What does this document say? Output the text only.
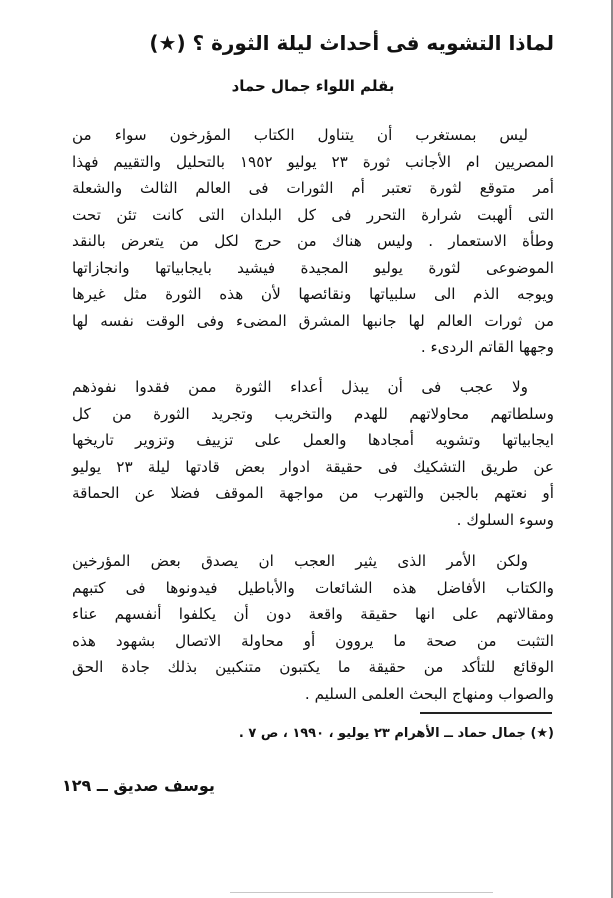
لماذا التشويه فى أحداث ليلة الثورة ؟ (★)
بقلم اللواء جمال حماد
ليس بمستغرب أن يتناول الكتاب المؤرخون سواء من
المصريين ام الأجانب ثورة ٢٣ يوليو ١٩٥٢ بالتحليل والتقييم فهذا
أمر متوقع لثورة تعتبر أم الثورات فى العالم الثالث والشعلة
التى ألهبت شرارة التحرر فى كل البلدان التى كانت تئن تحت
وطأة الاستعمار . وليس هناك من حرج لكل من يتعرض بالنقد
الموضوعى لثورة يوليو المجيدة فيشيد بايجابياتها وانجازاتها
ويوجه الذم الى سلبياتها ونقائصها لأن هذه الثورة مثل غيرها
من ثورات العالم لها جانبها المشرق المضىء وفى الوقت نفسه لها
وجهها القاتم الردىء .
ولا عجب فى أن يبذل أعداء الثورة ممن فقدوا نفوذهم
وسلطاتهم محاولاتهم للهدم والتخريب وتجريد الثورة من كل
ايجابياتها وتشويه أمجادها والعمل على تزييف وتزوير تاريخها
عن طريق التشكيك فى حقيقة ادوار بعض قادتها ليلة ٢٣ يوليو
أو نعتهم بالجبن والتهرب من مواجهة الموقف فضلا عن الحماقة
وسوء السلوك .
ولكن الأمر الذى يثير العجب ان يصدق بعض المؤرخين
والكتاب الأفاضل هذه الشائعات والأباطيل فيدونوها فى كتبهم
ومقالاتهم على انها حقيقة واقعة دون أن يكلفوا أنفسهم عناء
التثبت من صحة ما يروون أو محاولة الاتصال بشهود هذه
الوقائع للتأكد من حقيقة ما يكتبون متنكبين بذلك جادة الحق
والصواب ومنهاج البحث العلمى السليم .
(★) جمال حماد ــ الأهرام ٢٣ يوليو ، ١٩٩٠ ، ص ٧ .
يوسف صديق ــ ١٢٩
